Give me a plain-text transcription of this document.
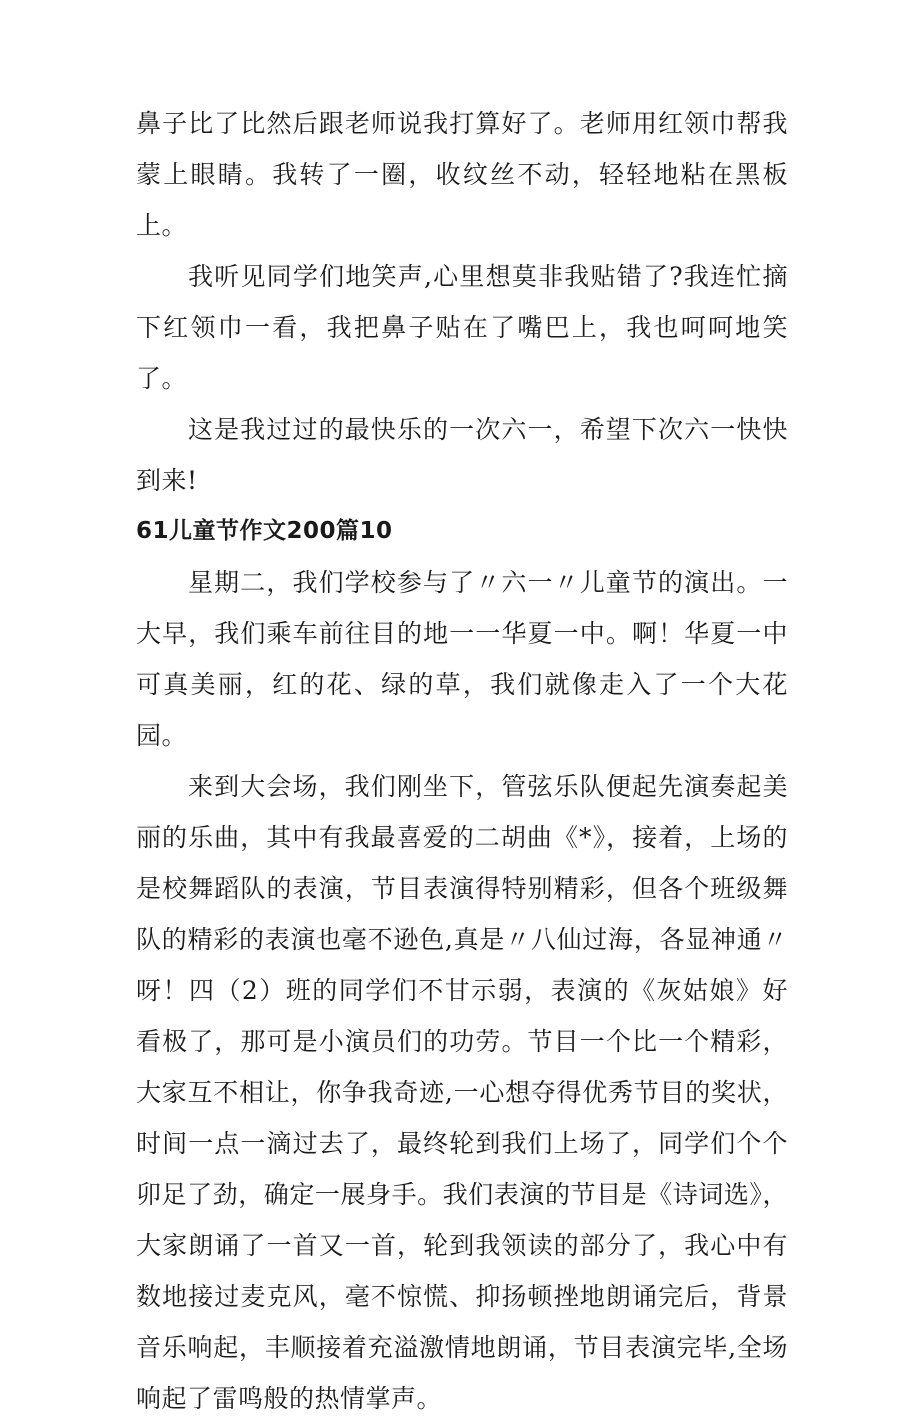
鼻子比了比然后跟老师说我打算好了。老师用红领巾帮我蒙上眼睛。我转了一圈，收纹丝不动，轻轻地粘在黑板上。

我听见同学们地笑声,心里想莫非我贴错了?我连忙摘下红领巾一看，我把鼻子贴在了嘴巴上，我也呵呵地笑了。

这是我过过的最快乐的一次六一，希望下次六一快快到来!

61儿童节作文200篇10

星期二，我们学校参与了〃六一〃儿童节的演出。一大早，我们乘车前往目的地一一华夏一中。啊！华夏一中可真美丽，红的花、绿的草，我们就像走入了一个大花园。

来到大会场，我们刚坐下，管弦乐队便起先演奏起美丽的乐曲，其中有我最喜爱的二胡曲《*》，接着，上场的是校舞蹈队的表演，节目表演得特别精彩，但各个班级舞队的精彩的表演也毫不逊色,真是〃八仙过海，各显神通〃呀！四（2）班的同学们不甘示弱，表演的《灰姑娘》好看极了，那可是小演员们的功劳。节目一个比一个精彩，大家互不相让，你争我奇迹,一心想夺得优秀节目的奖状，时间一点一滴过去了，最终轮到我们上场了，同学们个个卯足了劲，确定一展身手。我们表演的节目是《诗词选》，大家朗诵了一首又一首，轮到我领读的部分了，我心中有数地接过麦克风，毫不惊慌、抑扬顿挫地朗诵完后，背景音乐响起，丰顺接着充溢激情地朗诵，节目表演完毕,全场响起了雷鸣般的热情掌声。
